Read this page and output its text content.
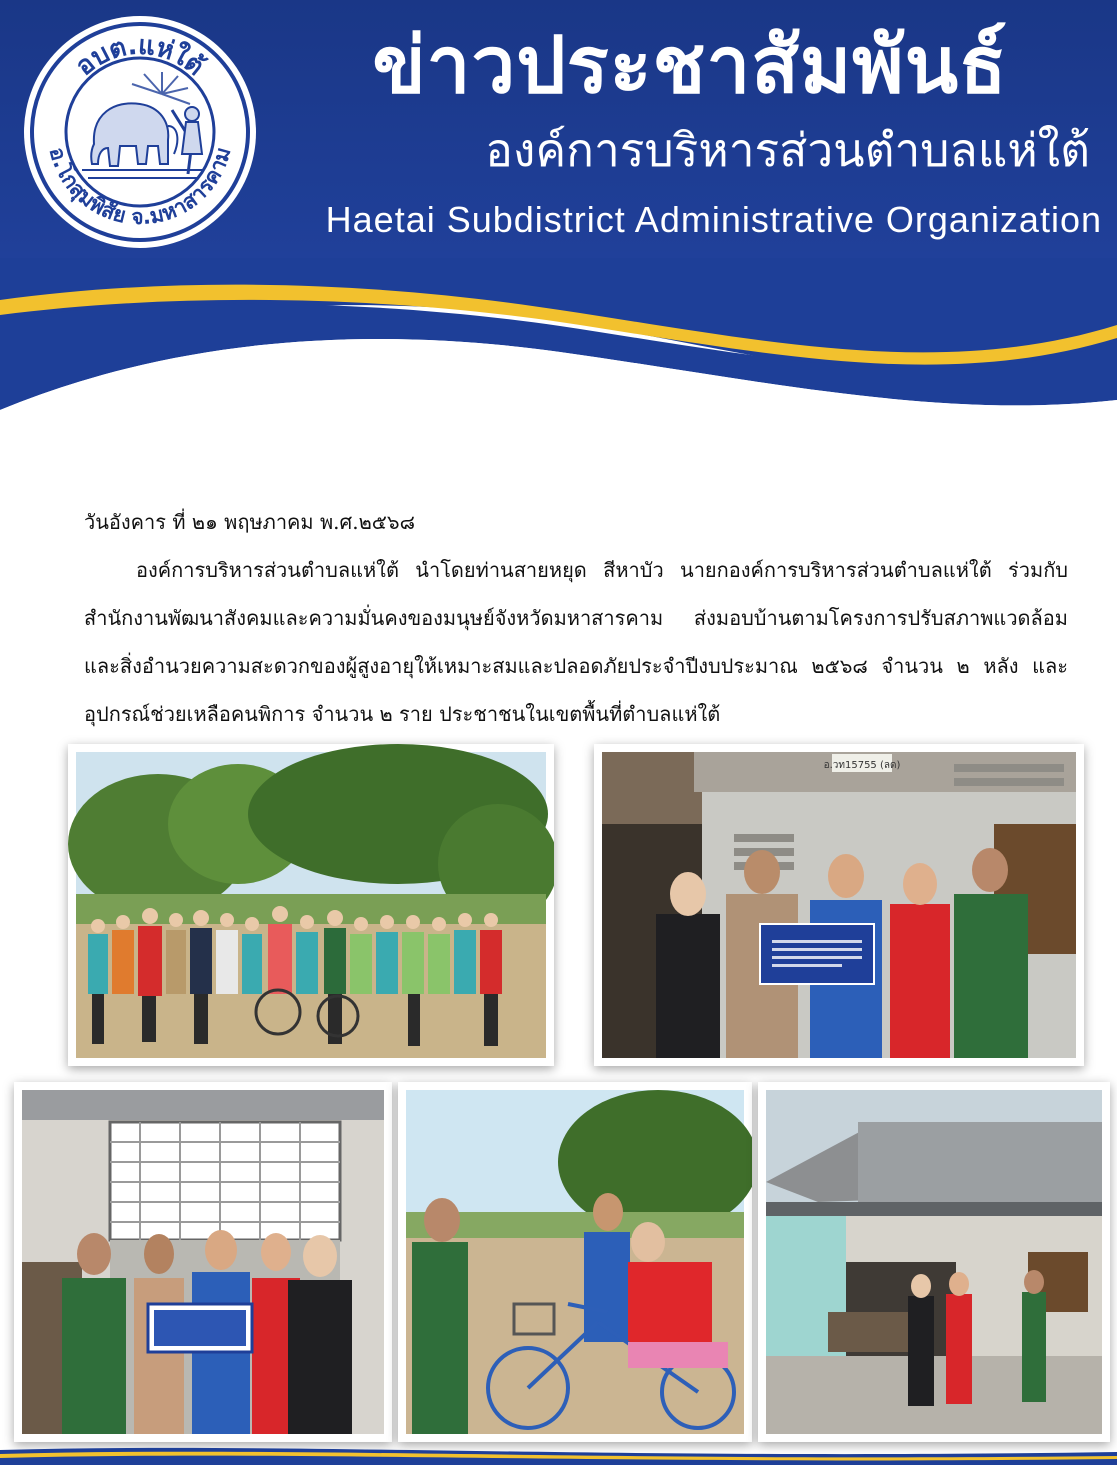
อบต.แห่ใต้
อ.โกสุมพิสัย จ.มหาสารคาม
ข่าวประชาสัมพันธ์
องค์การบริหารส่วนตำบลแห่ใต้
Haetai Subdistrict Administrative Organization
วันอังคาร ที่ ๒๑ พฤษภาคม พ.ศ.๒๕๖๘

องค์การบริหารส่วนตำบลแห่ใต้ นำโดยท่านสายหยุด สีหาบัว นายกองค์การบริหารส่วนตำบลแห่ใต้ ร่วมกับ สำนักงานพัฒนาสังคมและความมั่นคงของมนุษย์จังหวัดมหาสารคาม ส่งมอบบ้านตามโครงการปรับสภาพแวดล้อมและสิ่งอำนวยความสะดวกของผู้สูงอายุให้เหมาะสมและปลอดภัยประจำปีงบประมาณ ๒๕๖๘ จำนวน ๒ หลัง และอุปกรณ์ช่วยเหลือคนพิการ จำนวน ๒ ราย ประชาชนในเขตพื้นที่ตำบลแห่ใต้

อ.วท15755 (ลด)
